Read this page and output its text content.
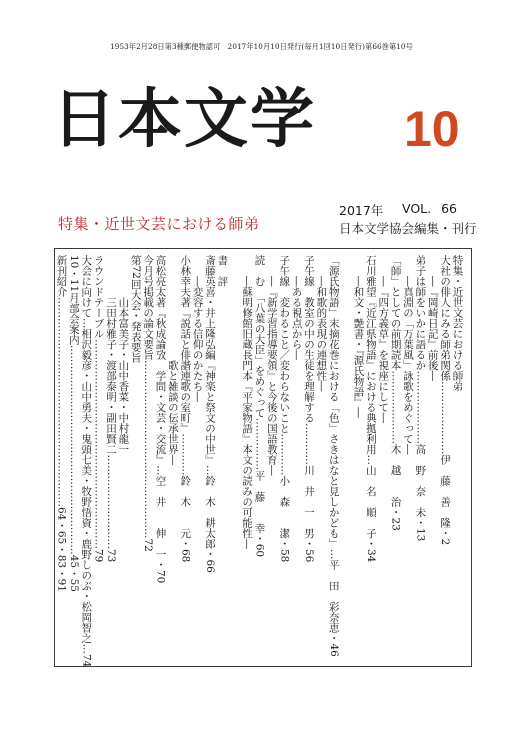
1953年2月28日第3種郵便物認可　2017年10月10日発行(毎月1回10日発行)第66巻第10号
日本文学 10
特集・近世文芸における師弟
2017年 VOL. 66
日本文学協会編集・刊行
特集・近世文芸における師弟
大社の俳人にみる師弟関係…………………伊　藤　善　隆・2
　　―『岡崎日記』前後―
弟子は師をいかに語るか…………………高　野　奈　未・13
　　―真淵の「万葉風」詠歌をめぐって―
「師」としての前期読本…………………木　越　　治・23
　　―『四方義草』を視座にして―
石川雅望『近江県物語』における典拠利用…山　名　順　子・34
　　―和文・艶書・『源氏物語』―
「源氏物語」末摘花巻における「色」さきはなと見しかども」…平　田　彩奈恵・46
　　―和歌的表現の連想性―
子午線　教室の中の生徒を理解する…………川　井　一　男・56
　　―ある視点から―
子午線　変わること／変わらないこと…………小　森　　潔・58
　　―『新学習指導要領』と今後の国語教育―
読　む　「八葉の大臣」をめぐって……………平　藤　　幸・60
　　―蘇明修館旧蔵長門本『平家物語』本文の読みの可能性―
書　評
斎藤英喜・井上隆弘編『神楽と祭文の中世』…鈴　木　耕太郎・66
　　―変容する信仰のかたち―
小林幸夫著『説話と俳諧連歌の室町』…………鈴　木　　元・68
　　　　　　　　　　歌と雑談の伝承世界―
高松亮太著『秋成論攷　学問・文芸・交流』…空　井　　伸　一・70
今月号掲載の論文要旨……………………………………………72
第72回大会・発表要旨
　　　　山本富美子・山中香菜・中村龍一
　　　　三田村雅子・渡部泰明・副田賢二………………………73
ラウンドテーブル……………………………………………………79
大会に向けて…相沢毅彦・山中勇夫・鬼頭七美・牧野悟資・鹿野しのぶ・松岡智之…74
10・11月部会案内……………………………………………………45・55
新刊紹介……………………………………………………64・65・83・91
